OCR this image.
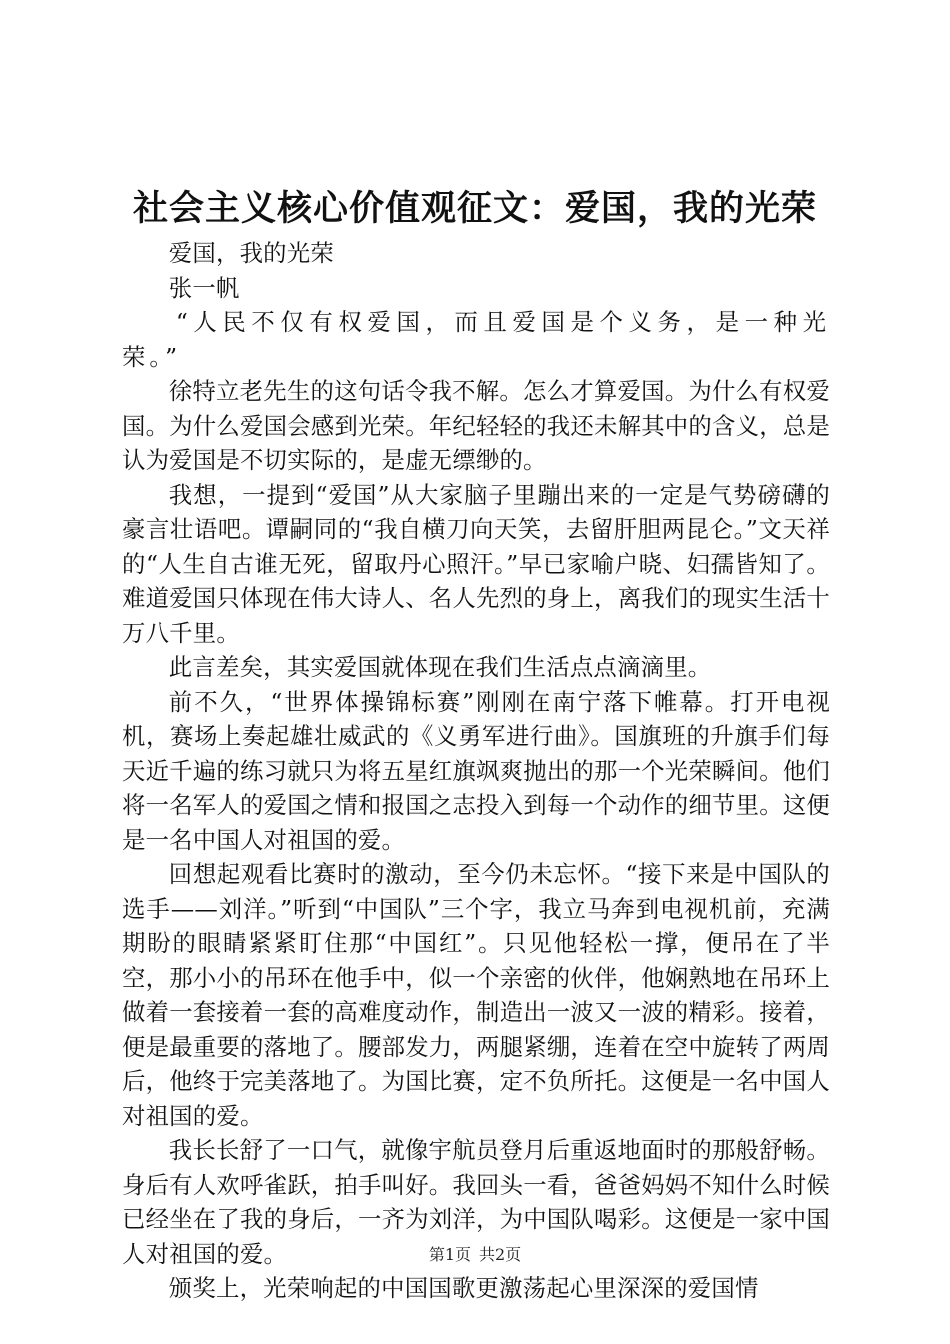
社会主义核心价值观征文：爱国，我的光荣

爱国，我的光荣

张一帆

“人民不仅有权爱国，而且爱国是个义务，是一种光荣。”

徐特立老先生的这句话令我不解。怎么才算爱国。为什么有权爱国。为什么爱国会感到光荣。年纪轻轻的我还未解其中的含义，总是认为爱国是不切实际的，是虚无缥缈的。

我想，一提到“爱国”从大家脑子里蹦出来的一定是气势磅礴的豪言壮语吧。谭嗣同的“我自横刀向天笑，去留肝胆两昆仑。”文天祥的“人生自古谁无死，留取丹心照汗。”早已家喻户晓、妇孺皆知了。难道爱国只体现在伟大诗人、名人先烈的身上，离我们的现实生活十万八千里。

此言差矣，其实爱国就体现在我们生活点点滴滴里。

前不久，“世界体操锦标赛”刚刚在南宁落下帷幕。打开电视机，赛场上奏起雄壮威武的《义勇军进行曲》。国旗班的升旗手们每天近千遍的练习就只为将五星红旗飒爽抛出的那一个光荣瞬间。他们将一名军人的爱国之情和报国之志投入到每一个动作的细节里。这便是一名中国人对祖国的爱。

回想起观看比赛时的激动，至今仍未忘怀。“接下来是中国队的选手——刘洋。”听到“中国队”三个字，我立马奔到电视机前，充满期盼的眼睛紧紧盯住那“中国红”。只见他轻松一撑，便吊在了半空，那小小的吊环在他手中，似一个亲密的伙伴，他娴熟地在吊环上做着一套接着一套的高难度动作，制造出一波又一波的精彩。接着，便是最重要的落地了。腰部发力，两腿紧绷，连着在空中旋转了两周后，他终于完美落地了。为国比赛，定不负所托。这便是一名中国人对祖国的爱。

我长长舒了一口气，就像宇航员登月后重返地面时的那般舒畅。身后有人欢呼雀跃，拍手叫好。我回头一看，爸爸妈妈不知什么时候已经坐在了我的身后，一齐为刘洋，为中国队喝彩。这便是一家中国人对祖国的爱。

颁奖上，光荣响起的中国国歌更激荡起心里深深的爱国情

第1页 共2页
